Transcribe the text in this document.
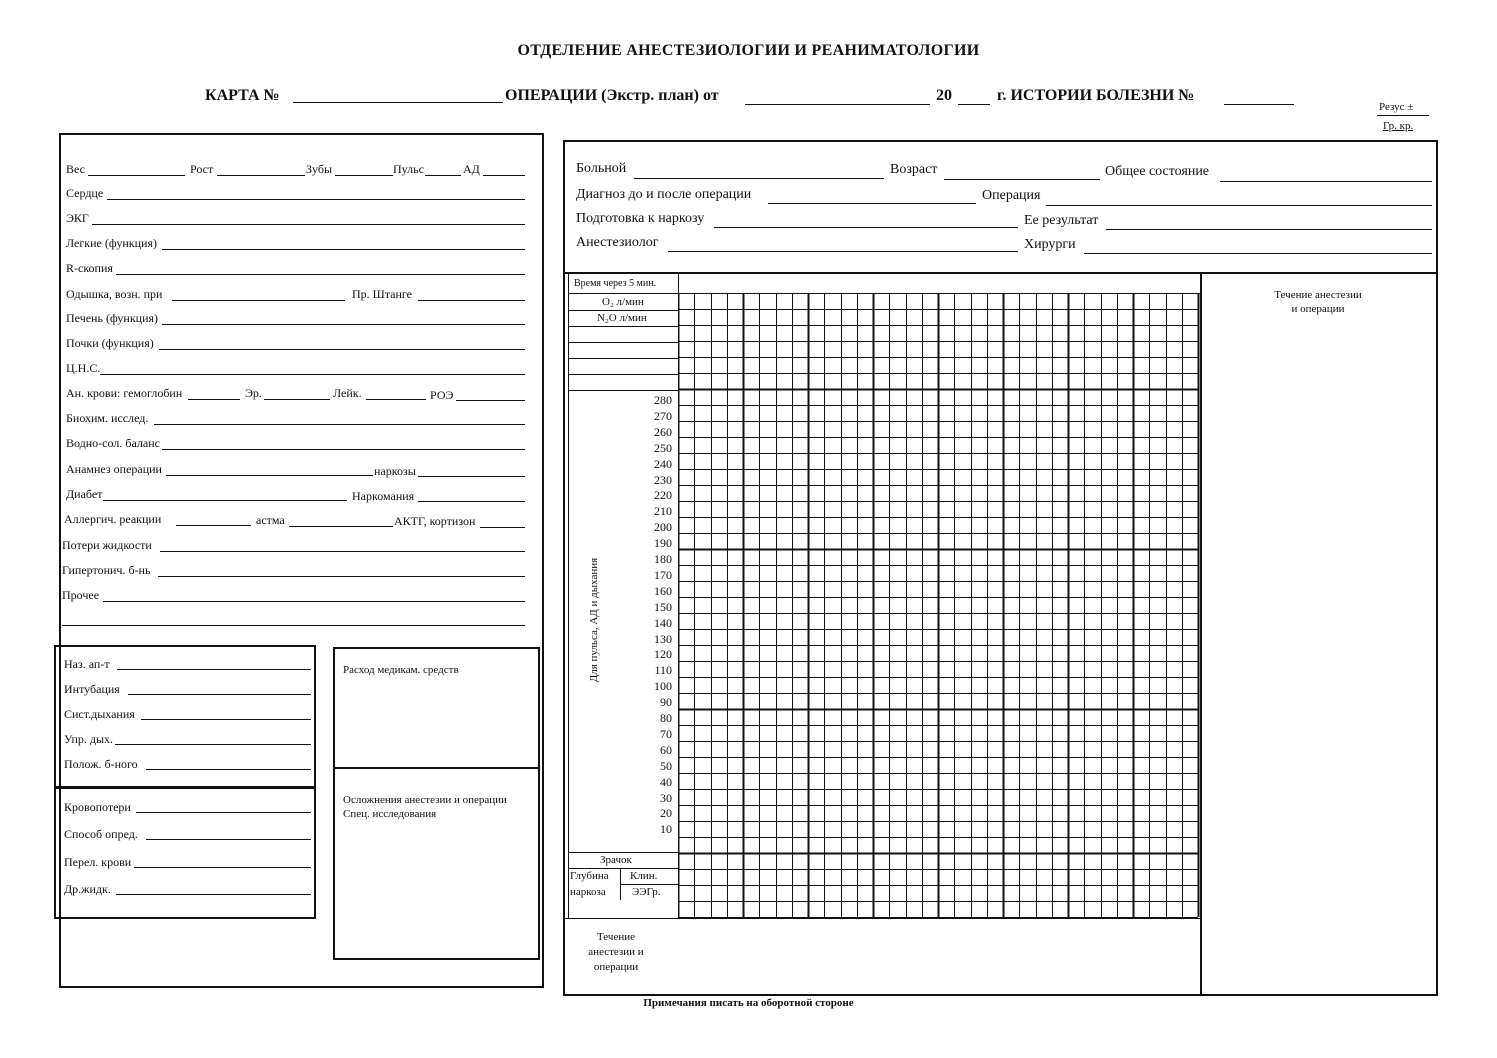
ОТДЕЛЕНИЕ АНЕСТЕЗИОЛОГИИ И РЕАНИМАТОЛОГИИ
КАРТА №	ОПЕРАЦИИ (Экстр. план) от	20	г. ИСТОРИИ БОЛЕЗНИ №
Резус ±
Гр. кр.
Вес	Рост	Зубы	Пульс	АД
Сердце
ЭКГ
Легкие (функция)
R-скопия
Одышка, возн. при	Пр. Штанге
Печень (функция)
Почки (функция)
Ц.Н.С.
Ан. крови: гемоглобин	Эр.	Лейк.	РОЭ
Биохим. исслед.
Водно-сол. баланс
Анамнез операции	наркозы
Диабет	Наркомания
Аллергич. реакции	астма	АКТГ, кортизон
Потери жидкости
Гипертонич. б-нь
Прочее
Наз. ап-т
Интубация
Сист.дыхания
Упр. дых.
Полож. б-ного
Кровопотери
Способ опред.
Перел. крови
Др.жидк.
Расход медикам. средств
Осложнения анестезии и операции
Спец. исследования
Больной	Возраст	Общее состояние
Диагноз до и после операции	Операция
Подготовка к наркозу	Ее результат
Анестезиолог	Хирурги
Время через 5 мин.
О₂ л/мин
N₂O л/мин
Для пульса, АД и дыхания
280
270
260
250
240
230
220
210
200
190
180
170
160
150
140
130
120
110
100
90
80
70
60
50
40
30
20
10
Зрачок
Глубина
наркоза
Клин.
ЭЭГр.
Течение
анестезии и
операции
Течение анестезии
и операции
Примечания писать на оборотной стороне
